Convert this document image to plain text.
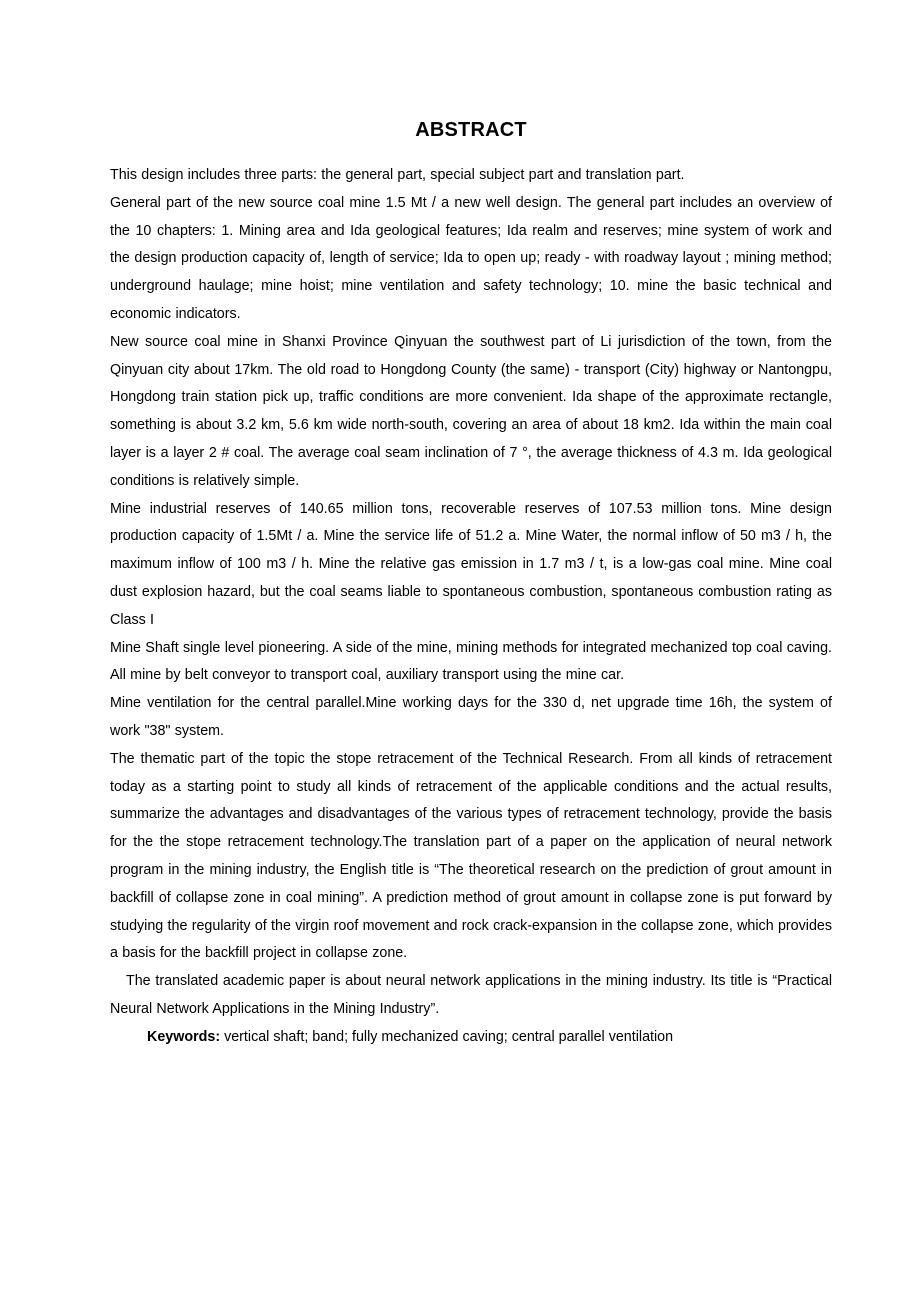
ABSTRACT

This design includes three parts: the general part, special subject part and translation part.

General part of the new source coal mine 1.5 Mt / a new well design. The general part includes an overview of the 10 chapters: 1. Mining area and Ida geological features; Ida realm and reserves; mine system of work and the design production capacity of, length of service; Ida to open up; ready - with roadway layout ; mining method; underground haulage; mine hoist; mine ventilation and safety technology; 10. mine the basic technical and economic indicators.

New source coal mine in Shanxi Province Qinyuan the southwest part of Li jurisdiction of the town, from the Qinyuan city about 17km. The old road to Hongdong County (the same) - transport (City) highway or Nantongpu, Hongdong train station pick up, traffic conditions are more convenient. Ida shape of the approximate rectangle, something is about 3.2 km, 5.6 km wide north-south, covering an area of about 18 km2. Ida within the main coal layer is a layer 2 # coal. The average coal seam inclination of 7 °, the average thickness of 4.3 m. Ida geological conditions is relatively simple.

Mine industrial reserves of 140.65 million tons, recoverable reserves of 107.53 million tons. Mine design production capacity of 1.5Mt / a. Mine the service life of 51.2 a. Mine Water, the normal inflow of 50 m3 / h, the maximum inflow of 100 m3 / h. Mine the relative gas emission in 1.7 m3 / t, is a low-gas coal mine. Mine coal dust explosion hazard, but the coal seams liable to spontaneous combustion, spontaneous combustion rating as Class I

Mine Shaft single level pioneering. A side of the mine, mining methods for integrated mechanized top coal caving. All mine by belt conveyor to transport coal, auxiliary transport using the mine car.

Mine ventilation for the central parallel.Mine working days for the 330 d, net upgrade time 16h, the system of work "38" system.

The thematic part of the topic the stope retracement of the Technical Research. From all kinds of retracement today as a starting point to study all kinds of retracement of the applicable conditions and the actual results, summarize the advantages and disadvantages of the various types of retracement technology, provide the basis for the the stope retracement technology.The translation part of a paper on the application of neural network program in the mining industry, the English title is “The theoretical research on the prediction of grout amount in backfill of collapse zone in coal mining”. A prediction method of grout amount in collapse zone is put forward by studying the regularity of the virgin roof movement and rock crack-expansion in the collapse zone, which provides a basis for the backfill project in collapse zone.

The translated academic paper is about neural network applications in the mining industry. Its title is “Practical Neural Network Applications in the Mining Industry”.

Keywords: vertical shaft; band; fully mechanized caving; central parallel ventilation
